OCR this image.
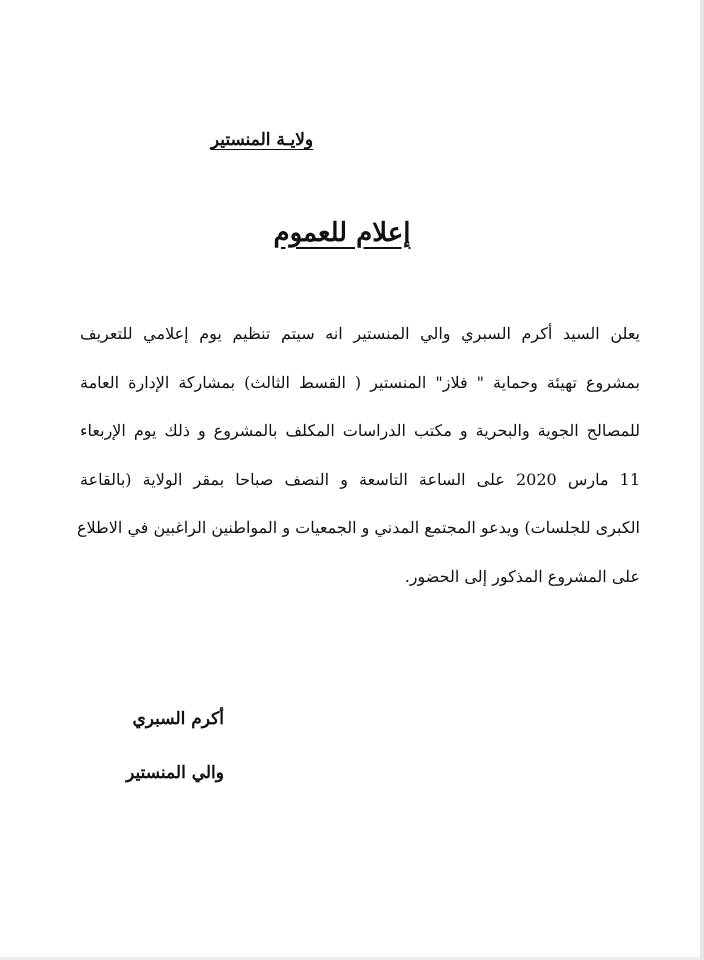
ولايـة المنستير
إعلام للعموم
يعلن السيد أكرم السبري والي المنستير انه سيتم تنظيم يوم إعلامي للتعريف
بمشروع تهيئة وحماية " فلاز" المنستير ( القسط الثالث) بمشاركة الإدارة العامة
للمصالح الجوية والبحرية و مكتب الدراسات المكلف بالمشروع و ذلك يوم الإربعاء
11 مارس 2020 على الساعة التاسعة و النصف صباحا بمقر الولاية (بالقاعة
الكبرى للجلسات) ويدعو المجتمع المدني و الجمعيات و المواطنين الراغبين في الاطلاع
على المشروع المذكور إلى الحضور.
أكرم السبري
والي المنستير
